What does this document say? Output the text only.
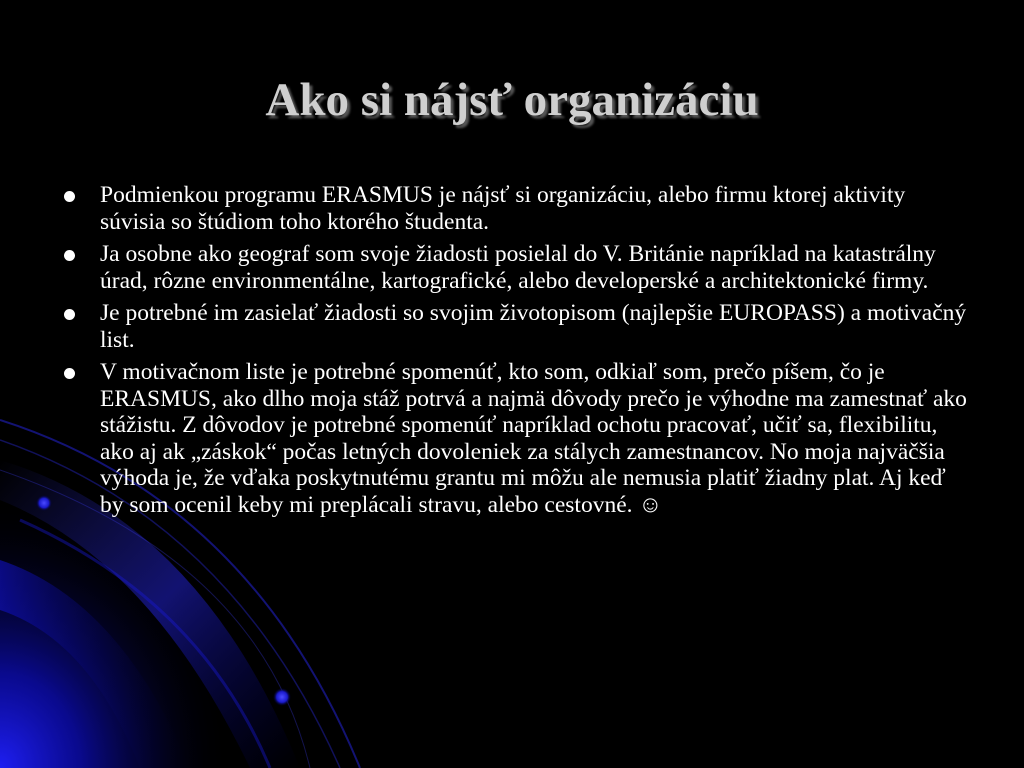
Ako si nájsť organizáciu
Podmienkou programu ERASMUS je nájsť si organizáciu, alebo firmu ktorej aktivity súvisia so štúdiom toho ktorého študenta.
Ja osobne ako geograf som svoje žiadosti posielal do V. Británie napríklad na katastrálny úrad, rôzne environmentálne, kartografické, alebo developerské a architektonické firmy.
Je potrebné im zasielať žiadosti so svojim životopisom (najlepšie EUROPASS) a motivačný list.
V motivačnom liste je potrebné spomenúť, kto som, odkiaľ som, prečo píšem, čo je ERASMUS, ako dlho moja stáž potrvá a najmä dôvody prečo je výhodne ma zamestnať ako stážistu. Z dôvodov je potrebné spomenúť napríklad ochotu pracovať, učiť sa, flexibilitu, ako aj ak „záskok“ počas letných dovoleniek za stálych zamestnancov. No moja najväčšia výhoda je, že vďaka poskytnutému grantu mi môžu ale nemusia platiť žiadny plat. Aj keď by som ocenil keby mi preplácali stravu, alebo cestovné. ☺
